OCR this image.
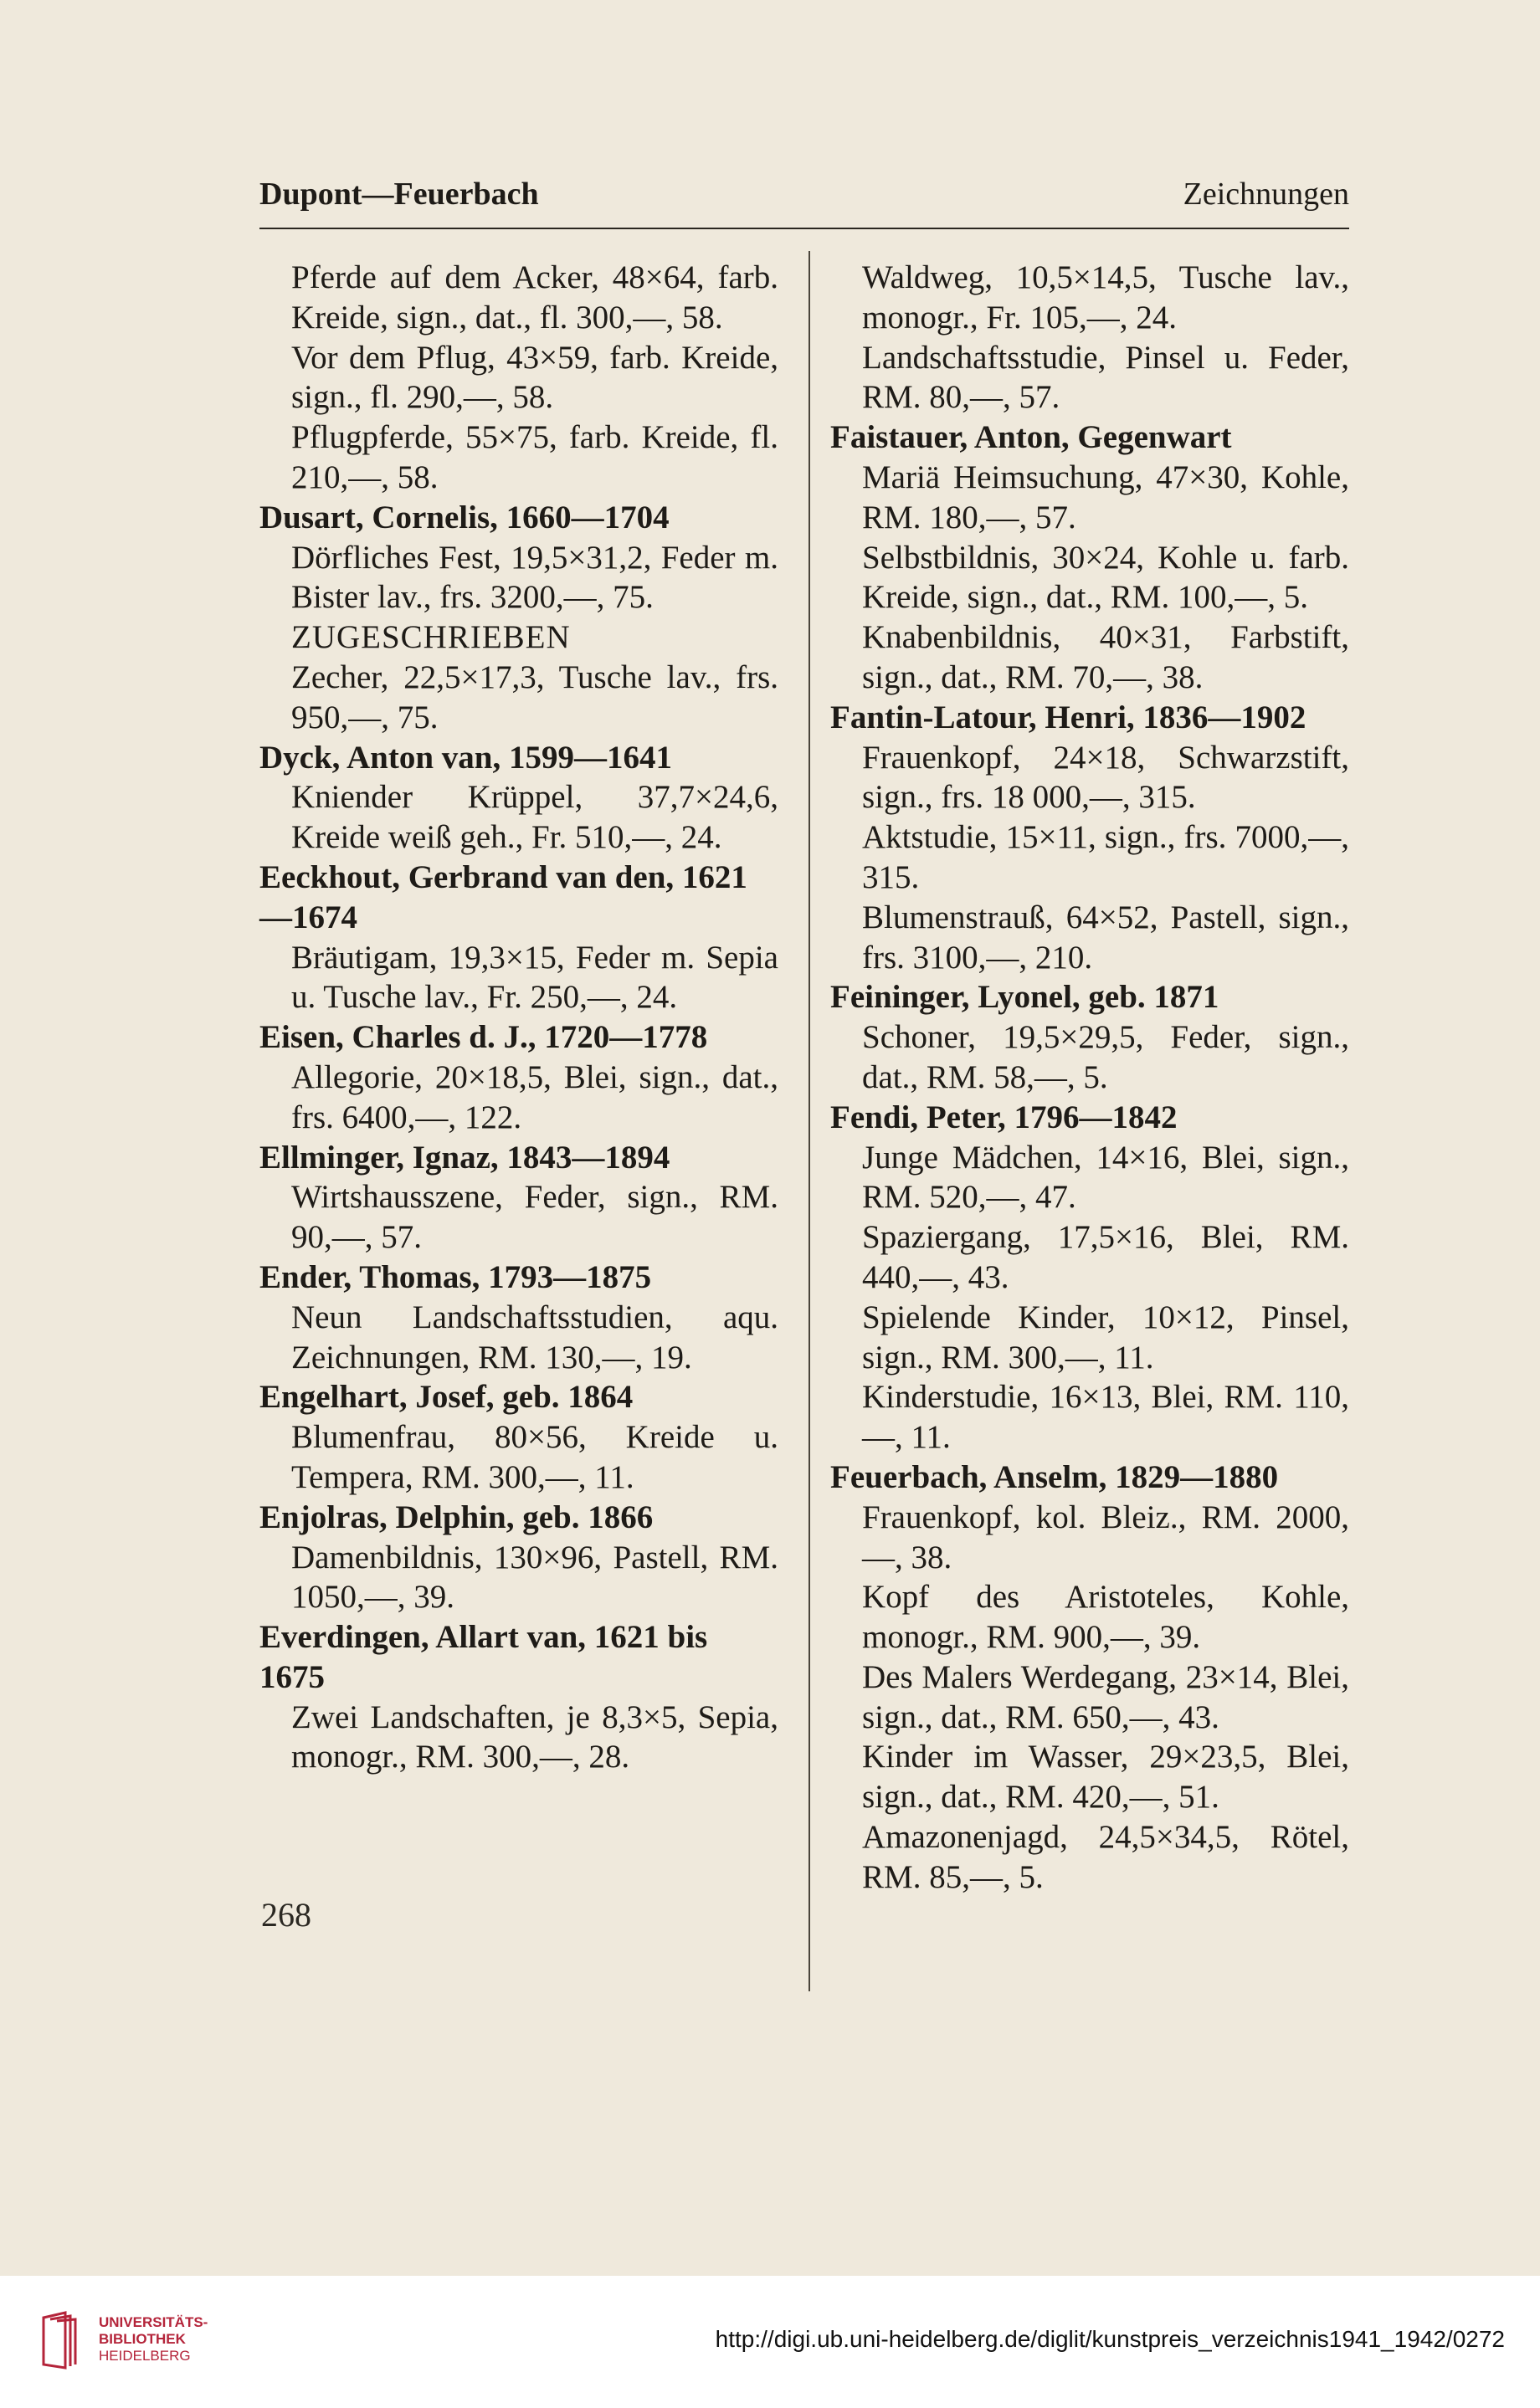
Dupont—Feuerbach	Zeichnungen

Pferde auf dem Acker, 48×64, farb. Kreide, sign., dat., fl. 300,—, 58.

Vor dem Pflug, 43×59, farb. Kreide, sign., fl. 290,—, 58.

Pflugpferde, 55×75, farb. Kreide, fl. 210,—, 58.

Dusart, Cornelis, 1660—1704

Dörfliches Fest, 19,5×31,2, Feder m. Bister lav., frs. 3200,—, 75.

ZUGESCHRIEBEN

Zecher, 22,5×17,3, Tusche lav., frs. 950,—, 75.

Dyck, Anton van, 1599—1641

Kniender Krüppel, 37,7×24,6, Kreide weiß geh., Fr. 510,—, 24.

Eeckhout, Gerbrand van den, 1621—1674

Bräutigam, 19,3×15, Feder m. Sepia u. Tusche lav., Fr. 250,—, 24.

Eisen, Charles d. J., 1720—1778

Allegorie, 20×18,5, Blei, sign., dat., frs. 6400,—, 122.

Ellminger, Ignaz, 1843—1894

Wirtshausszene, Feder, sign., RM. 90,—, 57.

Ender, Thomas, 1793—1875

Neun Landschaftsstudien, aqu. Zeichnungen, RM. 130,—, 19.

Engelhart, Josef, geb. 1864

Blumenfrau, 80×56, Kreide u. Tempera, RM. 300,—, 11.

Enjolras, Delphin, geb. 1866

Damenbildnis, 130×96, Pastell, RM. 1050,—, 39.

Everdingen, Allart van, 1621 bis 1675

Zwei Landschaften, je 8,3×5, Sepia, monogr., RM. 300,—, 28.

Waldweg, 10,5×14,5, Tusche lav., monogr., Fr. 105,—, 24.

Landschaftsstudie, Pinsel u. Feder, RM. 80,—, 57.

Faistauer, Anton, Gegenwart

Mariä Heimsuchung, 47×30, Kohle, RM. 180,—, 57.

Selbstbildnis, 30×24, Kohle u. farb. Kreide, sign., dat., RM. 100,—, 5.

Knabenbildnis, 40×31, Farbstift, sign., dat., RM. 70,—, 38.

Fantin-Latour, Henri, 1836—1902

Frauenkopf, 24×18, Schwarzstift, sign., frs. 18 000,—, 315.

Aktstudie, 15×11, sign., frs. 7000,—, 315.

Blumenstrauß, 64×52, Pastell, sign., frs. 3100,—, 210.

Feininger, Lyonel, geb. 1871

Schoner, 19,5×29,5, Feder, sign., dat., RM. 58,—, 5.

Fendi, Peter, 1796—1842

Junge Mädchen, 14×16, Blei, sign., RM. 520,—, 47.

Spaziergang, 17,5×16, Blei, RM. 440,—, 43.

Spielende Kinder, 10×12, Pinsel, sign., RM. 300,—, 11.

Kinderstudie, 16×13, Blei, RM. 110,—, 11.

Feuerbach, Anselm, 1829—1880

Frauenkopf, kol. Bleiz., RM. 2000,—, 38.

Kopf des Aristoteles, Kohle, monogr., RM. 900,—, 39.

Des Malers Werdegang, 23×14, Blei, sign., dat., RM. 650,—, 43.

Kinder im Wasser, 29×23,5, Blei, sign., dat., RM. 420,—, 51.

Amazonenjagd, 24,5×34,5, Rötel, RM. 85,—, 5.

268
UNIVERSITÄTS-
BIBLIOTHEK
HEIDELBERG
http://digi.ub.uni-heidelberg.de/diglit/kunstpreis_verzeichnis1941_1942/0272
